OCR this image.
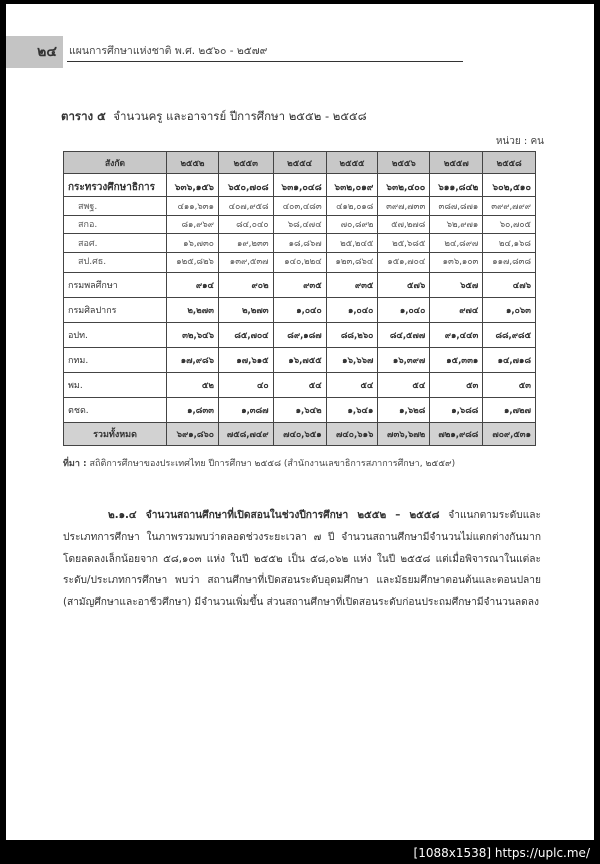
๒๔ แผนการศึกษาแห่งชาติ พ.ศ. ๒๕๖๐ - ๒๕๗๙
ตาราง ๕ จำนวนครู และอาจารย์ ปีการศึกษา ๒๕๕๒ - ๒๕๕๘
หน่วย : คน
สังกัด	๒๕๕๒	๒๕๕๓	๒๕๕๔	๒๕๕๕	๒๕๕๖	๒๕๕๗	๒๕๕๘
กระทรวงศึกษาธิการ	๖๓๖,๑๕๖	๖๕๐,๗๐๘	๖๓๑,๐๔๘	๖๓๒,๐๑๙	๖๓๒,๔๐๐	๖๑๑,๘๔๒	๖๐๒,๕๑๐
สพฐ.	๔๑๑,๖๓๑	๔๐๗,๙๕๘	๔๐๓,๔๘๓	๔๑๒,๐๑๘	๓๙๗,๗๓๓	๓๘๗,๘๗๑	๓๙๙,๗๙๙
สกอ.	๘๑,๙๖๙	๘๔,๐๔๐	๖๘,๔๗๔	๗๐,๘๙๒	๕๗,๒๗๘	๖๒,๙๗๑	๖๐,๗๐๕
สอศ.	๑๖,๗๓๐	๑๙,๒๓๓	๑๘,๘๖๗	๒๕,๒๔๕	๒๕,๖๘๕	๒๔,๘๙๗	๒๔,๑๖๘
สป.ศธ.	๑๒๕,๘๒๖	๑๓๙,๕๓๗	๑๔๐,๒๒๔	๑๒๓,๘๖๔	๑๕๑,๗๐๔	๑๓๖,๑๐๓	๑๑๗,๘๓๘
กรมพลศึกษา	๙๑๔	๙๐๒	๙๓๕	๙๓๕	๕๗๖	๖๕๗	๔๗๖
กรมศิลปากร	๒,๒๗๓	๒,๒๗๓	๑,๐๔๐	๑,๐๔๐	๑,๐๔๐	๙๗๔	๑,๐๖๓
อปท.	๓๒,๖๔๖	๘๕,๗๐๔	๘๙,๑๘๗	๘๘,๒๖๐	๘๔,๕๗๗	๙๑,๔๔๓	๘๘,๙๘๕
กทม.	๑๗,๙๘๖	๑๗,๖๑๕	๑๖,๗๕๕	๑๖,๖๖๗	๑๖,๓๙๗	๑๕,๓๓๑	๑๔,๗๑๘
พม.	๕๒	๔๐	๕๔	๕๔	๕๔	๕๓	๕๓
ตชด.	๑,๘๓๓	๑,๓๘๗	๑,๖๔๒	๑,๖๔๑	๑,๖๒๘	๑,๖๘๘	๑,๗๒๗
รวมทั้งหมด	๖๙๑,๘๖๐	๗๕๘,๗๔๙	๗๔๐,๖๕๑	๗๔๐,๖๑๖	๗๓๖,๖๗๒	๗๒๑,๙๘๘	๗๐๙,๕๓๑
ที่มา : สถิติการศึกษาของประเทศไทย ปีการศึกษา ๒๕๕๘ (สำนักงานเลขาธิการสภาการศึกษา, ๒๕๕๙)
๒.๑.๔ จำนวนสถานศึกษาที่เปิดสอนในช่วงปีการศึกษา ๒๕๕๒ – ๒๕๕๘ จำแนกตามระดับและประเภทการศึกษา ในภาพรวมพบว่าตลอดช่วงระยะเวลา ๗ ปี จำนวนสถานศึกษามีจำนวนไม่แตกต่างกันมาก โดยลดลงเล็กน้อยจาก ๕๘,๑๐๓ แห่ง ในปี ๒๕๕๒ เป็น ๕๘,๐๖๒ แห่ง ในปี ๒๕๕๘ แต่เมื่อพิจารณาในแต่ละระดับ/ประเภทการศึกษา พบว่า สถานศึกษาที่เปิดสอนระดับอุดมศึกษา และมัธยมศึกษาตอนต้นและตอนปลาย (สามัญศึกษาและอาชีวศึกษา) มีจำนวนเพิ่มขึ้น ส่วนสถานศึกษาที่เปิดสอนระดับก่อนประถมศึกษามีจำนวนลดลง
[1088x1538] https://uplc.me/
